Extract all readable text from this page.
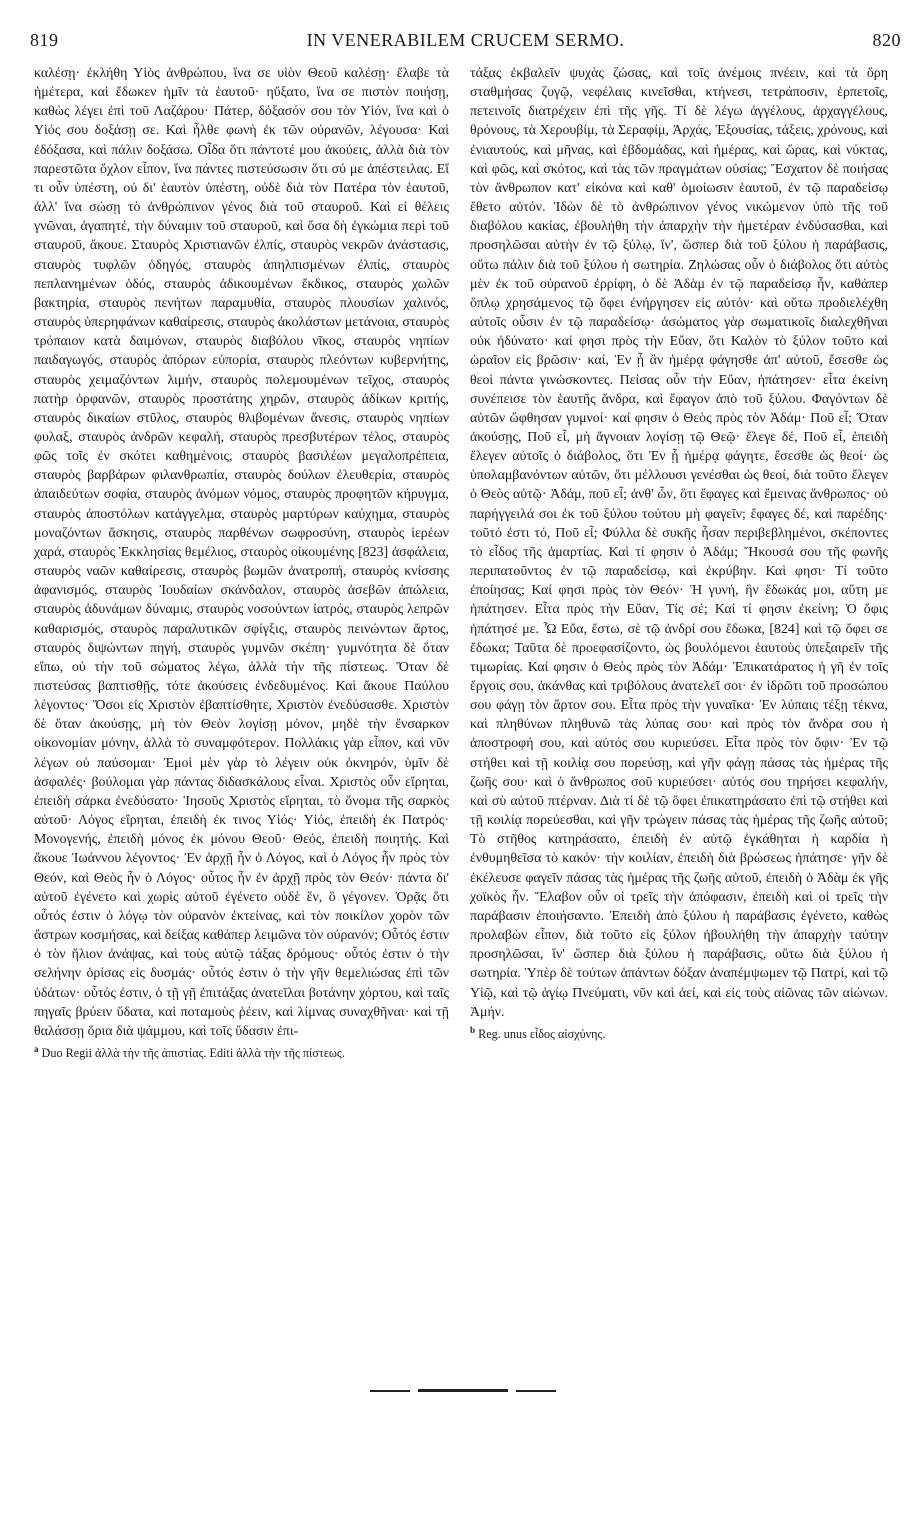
819	IN VENERABILEM CRUCEM SERMO.	820

καλέσῃ· ἐκλήθη Υἱὸς ἀνθρώπου, ἵνα σε υἱὸν Θεοῦ καλέσῃ· ἔλαβε τὰ ἡμέτερα, καὶ ἔδωκεν ἡμῖν τὰ ἑαυτοῦ· ηὔξατο, ἵνα σε πιστὸν ποιήσῃ, καθὼς λέγει ἐπὶ τοῦ Λαζάρου· Πάτερ, δόξασόν σου τὸν Υἱόν, ἵνα καὶ ὁ Υἱός σου δοξάσῃ σε. Καὶ ἦλθε φωνὴ ἐκ τῶν οὐρανῶν, λέγουσα· Καὶ ἐδόξασα, καὶ πάλιν δοξάσω. Οἶδα ὅτι πάντοτέ μου ἀκούεις, ἀλλὰ διὰ τὸν παρεστῶτα ὄχλον εἶπον, ἵνα πάντες πιστεύσωσιν ὅτι σύ με ἀπέστειλας. Εἴ τι οὖν ὑπέστη, οὐ δι' ἑαυτὸν ὑπέστη, οὐδὲ διὰ τὸν Πατέρα τὸν ἑαυτοῦ, ἀλλ' ἵνα σώσῃ τὸ ἀνθρώπινον γένος διὰ τοῦ σταυροῦ. Καὶ εἰ θέλεις γνῶναι, ἀγαπητέ, τὴν δύναμιν τοῦ σταυροῦ, καὶ ὅσα δὴ ἐγκώμια περὶ τοῦ σταυροῦ, ἄκουε. Σταυρὸς Χριστιανῶν ἐλπίς, σταυρὸς νεκρῶν ἀνάστασις, σταυρὸς τυφλῶν ὁδηγός, σταυρὸς ἀπηλπισμένων ἐλπίς, σταυρὸς πεπλανημένων ὁδός, σταυρὸς ἀδικουμένων ἔκδικος, σταυρὸς χωλῶν βακτηρία, σταυρὸς πενήτων παραμυθία, σταυρὸς πλουσίων χαλινός, σταυρὸς ὑπερηφάνων καθαίρεσις, σταυρὸς ἀκολάστων μετάνοια, σταυρὸς τρόπαιον κατὰ δαιμόνων, σταυρὸς διαβόλου νῖκος, σταυρὸς νηπίων παιδαγωγός, σταυρὸς ἀπόρων εὐπορία, σταυρὸς πλεόντων κυβερνήτης, σταυρὸς χειμαζόντων λιμήν, σταυρὸς πολεμουμένων τεῖχος, σταυρὸς πατὴρ ὀρφανῶν, σταυρὸς προστάτης χηρῶν, σταυρὸς ἀδίκων κριτής, σταυρὸς δικαίων στῦλος, σταυρὸς θλιβομένων ἄνεσις, σταυρὸς νηπίων φυλαξ, σταυρὸς ἀνδρῶν κεφαλή, σταυρὸς πρεσβυτέρων τέλος, σταυρὸς φῶς τοῖς ἐν σκότει καθημένοις, σταυρὸς βασιλέων μεγαλοπρέπεια, σταυρὸς βαρβάρων φιλανθρωπία, σταυρὸς δούλων ἐλευθερία, σταυρὸς ἀπαιδεύτων σοφία, σταυρὸς ἀνόμων νόμος, σταυρὸς προφητῶν κήρυγμα, σταυρὸς ἀποστόλων κατάγγελμα, σταυρὸς μαρτύρων καύχημα, σταυρὸς μοναζόντων ἄσκησις, σταυρὸς παρθένων σωφροσύνη, σταυρὸς ἱερέων χαρά, σταυρὸς Ἐκκλησίας θεμέλιος, σταυρὸς οἰκουμένης [823] ἀσφάλεια, σταυρὸς ναῶν καθαίρεσις, σταυρὸς βωμῶν ἀνατροπή, σταυρὸς κνίσσης ἀφανισμός, σταυρὸς Ἰουδαίων σκάνδαλον, σταυρὸς ἀσεβῶν ἀπώλεια, σταυρὸς ἀδυνάμων δύναμις, σταυρὸς νοσούντων ἰατρός, σταυρὸς λεπρῶν καθαρισμός, σταυρὸς παραλυτικῶν σφίγξις, σταυρὸς πεινώντων ἄρτος, σταυρὸς διψώντων πηγή, σταυρὸς γυμνῶν σκέπη· γυμνότητα δὲ ὅταν εἴπω, οὐ τὴν τοῦ σώματος λέγω, ἀλλὰ τὴν τῆς πίστεως. Ὅταν δὲ πιστεύσας βαπτισθῇς, τότε ἀκούσεις ἐνδεδυμένος. Καὶ ἄκουε Παύλου λέγοντος· Ὅσοι εἰς Χριστὸν ἐβαπτίσθητε, Χριστὸν ἐνεδύσασθε. Χριστὸν δὲ ὅταν ἀκούσῃς, μὴ τὸν Θεὸν λογίσῃ μόνον, μηδὲ τὴν ἔνσαρκον οἰκονομίαν μόνην, ἀλλὰ τὸ συναμφότερον. Πολλάκις γὰρ εἶπον, καὶ νῦν λέγων οὐ παύσομαι· Ἐμοὶ μὲν γὰρ τὸ λέγειν οὐκ ὀκνηρόν, ὑμῖν δὲ ἀσφαλές· βούλομαι γὰρ πάντας διδασκάλους εἶναι. Χριστὸς οὖν εἴρηται, ἐπειδὴ σάρκα ἐνεδύσατο· Ἰησοῦς Χριστὸς εἴρηται, τὸ ὄνομα τῆς σαρκὸς αὐτοῦ· Λόγος εἴρηται, ἐπειδὴ ἐκ τινος Υἱός· Υἱός, ἐπειδὴ ἐκ Πατρός· Μονογενής, ἐπειδὴ μόνος ἐκ μόνου Θεοῦ· Θεός, ἐπειδὴ ποιητής. Καὶ ἄκουε Ἰωάννου λέγοντος· Ἐν ἀρχῇ ἦν ὁ Λόγος, καὶ ὁ Λόγος ἦν πρὸς τὸν Θεόν, καὶ Θεὸς ἦν ὁ Λόγος· οὗτος ἦν ἐν ἀρχῇ πρὸς τὸν Θεόν· πάντα δι' αὐτοῦ ἐγένετο καὶ χωρὶς αὐτοῦ ἐγένετο οὐδὲ ἕν, ὃ γέγονεν. Ὁρᾷς ὅτι οὗτός ἐστιν ὁ λόγῳ τὸν οὐρανὸν ἐκτείνας, καὶ τὸν ποικίλον χορὸν τῶν ἄστρων κοσμήσας, καὶ δείξας καθάπερ λειμῶνα τὸν οὐρανόν; Οὗτός ἐστιν ὁ τὸν ἥλιον ἀνάψας, καὶ τοὺς αὐτῷ τάξας δρόμους· οὗτός ἐστιν ὁ τὴν σελήνην ὁρίσας εἰς δυσμάς· οὗτός ἐστιν ὁ τὴν γῆν θεμελιώσας ἐπὶ τῶν ὑδάτων· οὗτός ἐστιν, ὁ τῇ γῇ ἐπιτάξας ἀνατεῖλαι βοτάνην χόρτου, καὶ ταῖς πηγαῖς βρύειν ὕδατα, καὶ ποταμοὺς ῥέειν, καὶ λίμνας συναχθῆναι· καὶ τῇ θαλάσσῃ ὅρια διὰ ψάμμου, καὶ τοῖς ὕδασιν ἐπι-

$^a$ Duo Regii ἀλλὰ τὴν τῆς ἀπιστίας. Editi ἀλλὰ τὴν τῆς πίστεως.

τάξας ἐκβαλεῖν ψυχὰς ζώσας, καὶ τοῖς ἀνέμοις πνέειν, καὶ τὰ ὄρη σταθμήσας ζυγῷ, νεφέλαις κινεῖσθαι, κτήνεσι, τετράποσιν, ἑρπετοῖς, πετεινοῖς διατρέχειν ἐπὶ τῆς γῆς. Τί δὲ λέγω ἀγγέλους, ἀρχαγγέλους, θρόνους, τὰ Χερουβίμ, τὰ Σεραφίμ, Ἀρχάς, Ἐξουσίας, τάξεις, χρόνους, καὶ ἐνιαυτούς, καὶ μῆνας, καὶ ἑβδομάδας, καὶ ἡμέρας, καὶ ὥρας, καὶ νύκτας, καὶ φῶς, καὶ σκότος, καὶ τὰς τῶν πραγμάτων οὐσίας; Ἔσχατον δὲ ποιήσας τὸν ἄνθρωπον κατ' εἰκόνα καὶ καθ' ὁμοίωσιν ἑαυτοῦ, ἐν τῷ παραδείσῳ ἔθετο αὐτόν. Ἰδὼν δὲ τὸ ἀνθρώπινον γένος νικώμενον ὑπὸ τῆς τοῦ διαβόλου κακίας, ἐβουλήθη τὴν ἀπαρχὴν τὴν ἡμετέραν ἐνδύσασθαι, καὶ προσηλῶσαι αὐτὴν ἐν τῷ ξύλῳ, ἵν', ὥσπερ διὰ τοῦ ξύλου ἡ παράβασις, οὕτω πάλιν διὰ τοῦ ξύλου ἡ σωτηρία. Ζηλώσας οὖν ὁ διάβολος ὅτι αὐτὸς μὲν ἐκ τοῦ οὐρανοῦ ἐρρίφη, ὁ δὲ Ἀδὰμ ἐν τῷ παραδείσῳ ἦν, καθάπερ ὅπλῳ χρησάμενος τῷ ὄφει ἐνήργησεν εἰς αὐτόν· καὶ οὕτω προδιελέχθη αὐτοῖς οὖσιν ἐν τῷ παραδείσῳ· ἀσώματος γὰρ σωματικοῖς διαλεχθῆναι οὐκ ἠδύνατο· καί φησι πρὸς τὴν Εὔαν, ὅτι Καλὸν τὸ ξύλον τοῦτο καὶ ὡραῖον εἰς βρῶσιν· καί, Ἐν ᾗ ἂν ἡμέρᾳ φάγησθε ἀπ' αὐτοῦ, ἔσεσθε ὡς θεοὶ πάντα γινώσκοντες. Πείσας οὖν τὴν Εὔαν, ἠπάτησεν· εἶτα ἐκείνη συνέπεισε τὸν ἑαυτῆς ἄνδρα, καὶ ἔφαγον ἀπὸ τοῦ ξύλου. Φαγόντων δὲ αὐτῶν ὤφθησαν γυμνοί· καί φησιν ὁ Θεὸς πρὸς τὸν Ἀδάμ· Ποῦ εἶ; Ὅταν ἀκούσῃς, Ποῦ εἶ, μὴ ἄγνοιαν λογίσῃ τῷ Θεῷ· ἔλεγε δέ, Ποῦ εἶ, ἐπειδὴ ἔλεγεν αὐτοῖς ὁ διάβολος, ὅτι Ἐν ᾗ ἡμέρᾳ φάγητε, ἔσεσθε ὡς θεοί· ὡς ὑπολαμβανόντων αὐτῶν, ὅτι μέλλουσι γενέσθαι ὡς θεοί, διὰ τοῦτο ἔλεγεν ὁ Θεὸς αὐτῷ· Ἀδάμ, ποῦ εἶ; ἀνθ' ὧν, ὅτι ἔφαγες καὶ ἔμεινας ἄνθρωπος· οὐ παρήγγειλά σοι ἐκ τοῦ ξύλου τούτου μὴ φαγεῖν; ἔφαγες δέ, καὶ παρέδης· τοῦτό ἐστι τό, Ποῦ εἶ; Φύλλα δὲ συκῆς ἦσαν περιβεβλημένοι, σκέποντες τὸ εἶδος τῆς ἁμαρτίας. Καὶ τί φησιν ὁ Ἀδάμ; Ἤκουσά σου τῆς φωνῆς περιπατοῦντος ἐν τῷ παραδείσῳ, καὶ ἐκρύβην. Καὶ φησι· Τί τοῦτο ἐποίησας; Καί φησι πρὸς τὸν Θεόν· Ἡ γυνή, ἣν ἔδωκάς μοι, αὕτη με ἠπάτησεν. Εἶτα πρὸς τὴν Εὔαν, Τίς σέ; Καί τί φησιν ἐκείνη; Ὁ ὄφις ἠπάτησέ με. Ὦ Εὔα, ἔστω, σὲ τῷ ἀνδρί σου ἔδωκα, [824] καὶ τῷ ὄφει σε ἔδωκα; Ταῦτα δὲ προεφασίζοντο, ὡς βουλόμενοι ἑαυτοὺς ὑπεξαιρεῖν τῆς τιμωρίας. Καί φησιν ὁ Θεὸς πρὸς τὸν Ἀδάμ· Ἐπικατάρατος ἡ γῆ ἐν τοῖς ἔργοις σου, ἀκάνθας καὶ τριβόλους ἀνατελεῖ σοι· ἐν ἱδρῶτι τοῦ προσώπου σου φάγῃ τὸν ἄρτον σου. Εἶτα πρὸς τὴν γυναῖκα· Ἐν λύπαις τέξῃ τέκνα, καὶ πληθύνων πληθυνῶ τὰς λύπας σου· καὶ πρὸς τὸν ἄνδρα σου ἡ ἀποστροφή σου, καὶ αὐτός σου κυριεύσει. Εἶτα πρὸς τὸν ὄφιν· Ἐν τῷ στήθει καὶ τῇ κοιλίᾳ σου πορεύσῃ, καὶ γῆν φάγῃ πάσας τὰς ἡμέρας τῆς ζωῆς σου· καὶ ὁ ἄνθρωπος σοῦ κυριεύσει· αὐτός σου τηρήσει κεφαλήν, καὶ σὺ αὐτοῦ πτέρναν. Διὰ τί δὲ τῷ ὄφει ἐπικατηράσατο ἐπὶ τῷ στήθει καὶ τῇ κοιλίᾳ πορεύεσθαι, καὶ γῆν τρώγειν πάσας τὰς ἡμέρας τῆς ζωῆς αὐτοῦ; Τὸ στῆθος κατηράσατο, ἐπειδὴ ἐν αὐτῷ ἐγκάθηται ἡ καρδία ἡ ἐνθυμηθεῖσα τὸ κακόν· τὴν κοιλίαν, ἐπειδὴ διὰ βρώσεως ἠπάτησε· γῆν δὲ ἐκέλευσε φαγεῖν πάσας τὰς ἡμέρας τῆς ζωῆς αὐτοῦ, ἐπειδὴ ὁ Ἀδὰμ ἐκ γῆς χοϊκὸς ἦν. Ἔλαβον οὖν οἱ τρεῖς τὴν ἀπόφασιν, ἐπειδὴ καὶ οἱ τρεῖς τὴν παράβασιν ἐποιήσαντο. Ἐπειδὴ ἀπὸ ξύλου ἡ παράβασις ἐγένετο, καθὼς προλαβὼν εἶπον, διὰ τοῦτο εἰς ξύλον ἠβουλήθη τὴν ἀπαρχὴν ταύτην προσηλῶσαι, ἵν' ὥσπερ διὰ ξύλου ἡ παράβασις, οὕτω διὰ ξύλου ἡ σωτηρία. Ὑπὲρ δὲ τούτων ἁπάντων δόξαν ἀναπέμψωμεν τῷ Πατρί, καὶ τῷ Υἱῷ, καὶ τῷ ἁγίῳ Πνεύματι, νῦν καὶ ἀεί, καὶ εἰς τοὺς αἰῶνας τῶν αἰώνων. Ἀμήν.

$^b$ Reg. unus εἶδος αἰσχύνης.
